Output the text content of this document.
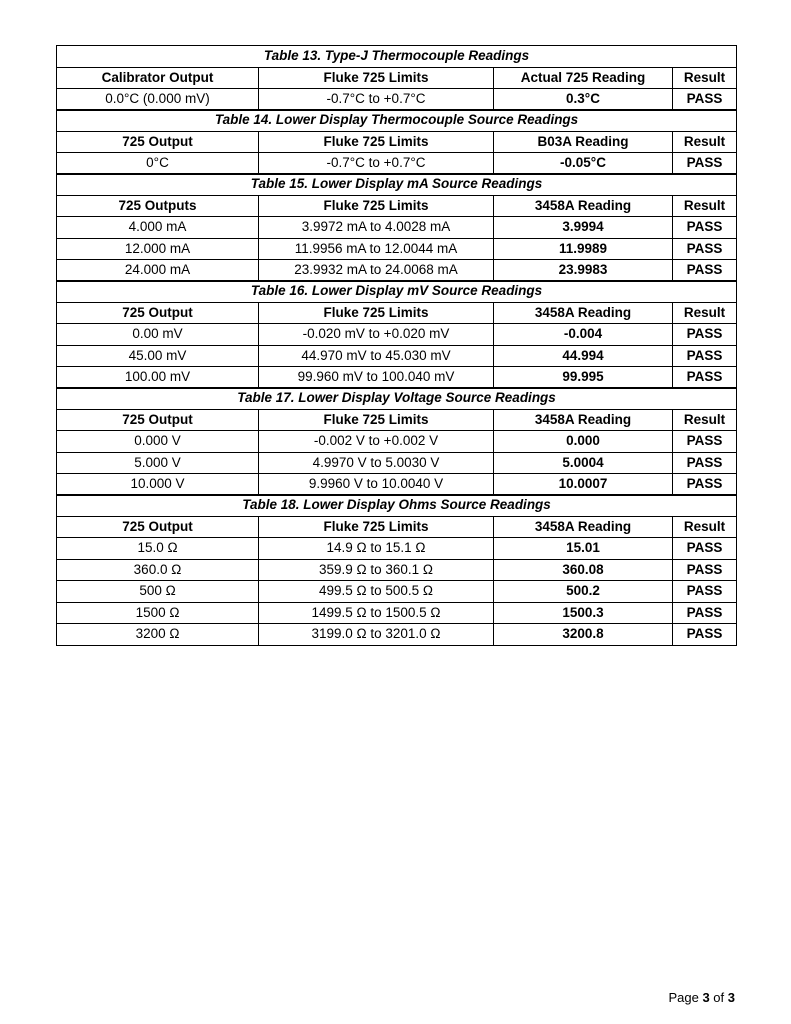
Table 13. Type-J Thermocouple Readings			
Calibrator Output	Fluke 725 Limits	Actual 725 Reading	Result
0.0°C (0.000 mV)	-0.7°C to +0.7°C	0.3°C	PASS
Table 14. Lower Display Thermocouple Source Readings			
725 Output	Fluke 725 Limits	B03A Reading	Result
0°C	-0.7°C to +0.7°C	-0.05°C	PASS
Table 15. Lower Display mA Source Readings			
725 Outputs	Fluke 725 Limits	3458A Reading	Result
4.000 mA	3.9972 mA to 4.0028 mA	3.9994	PASS
12.000 mA	11.9956 mA to 12.0044 mA	11.9989	PASS
24.000 mA	23.9932 mA to 24.0068 mA	23.9983	PASS
Table 16. Lower Display mV Source Readings			
725 Output	Fluke 725 Limits	3458A Reading	Result
0.00 mV	-0.020 mV to +0.020 mV	-0.004	PASS
45.00 mV	44.970 mV to 45.030 mV	44.994	PASS
100.00 mV	99.960 mV to 100.040 mV	99.995	PASS
Table 17. Lower Display Voltage Source Readings			
725 Output	Fluke 725 Limits	3458A Reading	Result
0.000 V	-0.002 V to +0.002 V	0.000	PASS
5.000 V	4.9970 V to 5.0030 V	5.0004	PASS
10.000 V	9.9960 V to 10.0040 V	10.0007	PASS
Table 18. Lower Display Ohms Source Readings			
725 Output	Fluke 725 Limits	3458A Reading	Result
15.0 Ω	14.9 Ω to 15.1 Ω	15.01	PASS
360.0 Ω	359.9 Ω to 360.1 Ω	360.08	PASS
500 Ω	499.5 Ω to 500.5 Ω	500.2	PASS
1500 Ω	1499.5 Ω to 1500.5 Ω	1500.3	PASS
3200 Ω	3199.0 Ω to 3201.0 Ω	3200.8	PASS
Page 3 of 3
